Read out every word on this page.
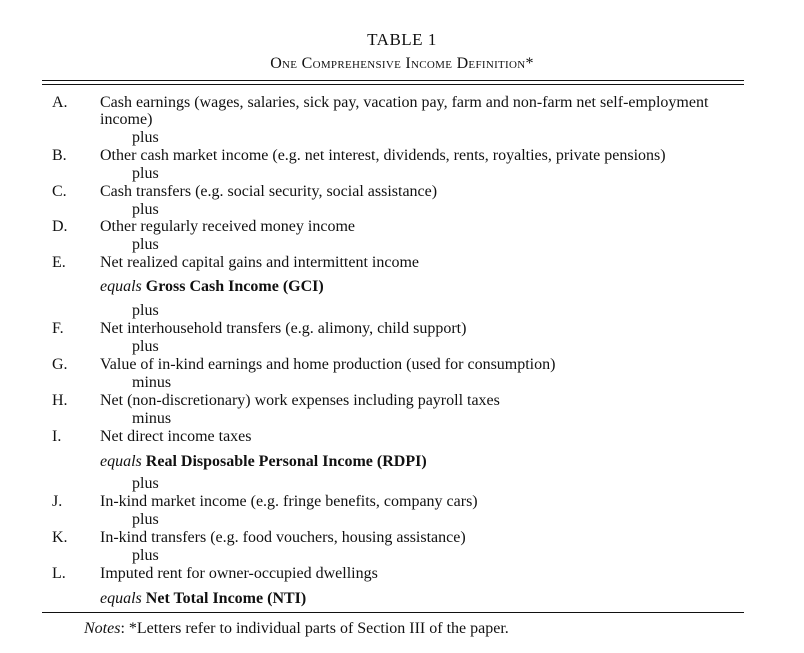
TABLE 1
One Comprehensive Income Definition*
A. Cash earnings (wages, salaries, sick pay, vacation pay, farm and non-farm net self-employment
income)
plus
B. Other cash market income (e.g. net interest, dividends, rents, royalties, private pensions)
plus
C. Cash transfers (e.g. social security, social assistance)
plus
D. Other regularly received money income
plus
E. Net realized capital gains and intermittent income
equals Gross Cash Income (GCI)
plus
F. Net interhousehold transfers (e.g. alimony, child support)
plus
G. Value of in-kind earnings and home production (used for consumption)
minus
H. Net (non-discretionary) work expenses including payroll taxes
minus
I. Net direct income taxes
equals Real Disposable Personal Income (RDPI)
plus
J. In-kind market income (e.g. fringe benefits, company cars)
plus
K. In-kind transfers (e.g. food vouchers, housing assistance)
plus
L. Imputed rent for owner-occupied dwellings
equals Net Total Income (NTI)
Notes: *Letters refer to individual parts of Section III of the paper.
